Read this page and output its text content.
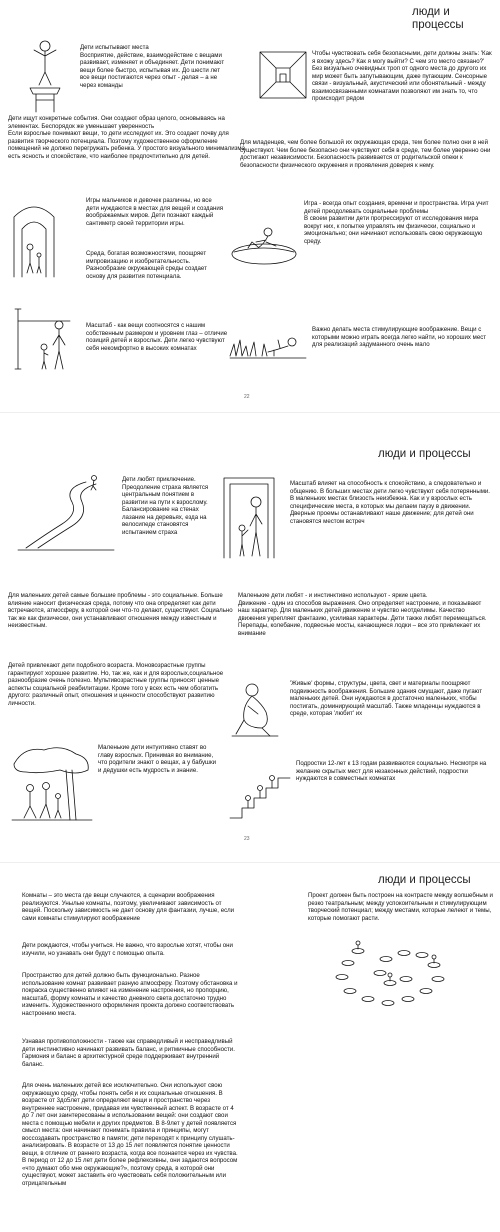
люди и процессы
Дети испытывают места
Восприятие, действие, взаимодействие с вещами развивает, изменяет и объединяет. Дети понимают вещи более быстро, испытывая их. До шести лет все вещи постигаются через опыт - делая – а не через команды
Дети ищут конкретные события. Они создают образ целого, основываясь на элементах. Беспорядок же уменьшает уверенность
Если взрослые понимают вещи, то дети исследуют их. Это создает почву для развития творческого потенциала. Поэтому художественное оформление помещений не должно перегружать ребенка. У простого визуального минимализма есть ясность и спокойствие, что наиболее предпочтительно для детей.
Чтобы чувствовать себя безопасными, дети должны знать: 'Как я вхожу здесь? Как я могу выйти? С чем это место связано?' Без визуально очевидных троп от одного места до другого их мир может быть запутывающим, даже пугающим. Сенсорные связи - визуальный, акустический или обонятельный - между взаимосвязанными комнатами позволяют им знать то, что происходит рядом
Для младенцев, чем более большой их окружающая среда, тем более полно они в ней существуют. Чем более безопасно они чувствуют себя в среде, тем более уверенно они достигают независимости. Безопасность развивается от родительской опеки к безопасности физического окружения и проявления доверия к нему.
Игры мальчиков и девочек различны, но все дети нуждаются в местах для вещей и создания воображаемых миров. Дети познают каждый сантиметр своей территории игры.
Среда, богатая возможностями, поощряет импровизацию и изобретательность. Разнообразие окружающей среды создает основу для развития потенциала.
Игра - всегда опыт создания, времени и пространства. Игра учит детей преодолевать социальные проблемы
В своем развитии дети прогрессируют от исследования мира вокруг них, к попытке управлять им физически, социально и эмоционально; они начинают использовать свою окружающую среду.
Масштаб - как вещи соотносятся с нашим собственным размером и уровнем глаз – отличие позиций детей и взрослых. Дети легко чувствуют себя некомфортно в высоких комнатах
Важно делать места стимулирующие воображение. Вещи с которыми можно играть всегда легко найти, но хороших мест для реализаций задуманного очень мало
22
люди и процессы
Дети любят приключение. Преодоление страха является центральным понятием в развитии на пути к взрослому. Балансирование на стенах лазание на деревьях, езда на велосипеде становятся испытанием страха
Масштаб влияет на способность к спокойствию, а следовательно и общению. В больших местах дети легко чувствуют себя потерянными. В маленьких местах близость неизбежна. Как и у взрослых есть специфические места, в которых мы делаем паузу в движении. Дверные проемы останавливают наше движение; для детей они становятся местом встреч
Для маленьких детей самые большие проблемы - это социальные. Больше влияние наносит физическая среда, потому что она определяет как дети встречаются, атмосферу, в которой они что-то делают, существуют. Социально так же как физически, они устанавливают отношения между известным и неизвестным.
Маленькие дети любят - и инстинктивно используют - яркие цвета.
Движение - один из способов выражения. Оно определяет настроение, и показывают наш характер. Для маленьких детей движение и чувство неотделимы. Качество движения укрепляет фантазию, усиливая характеры. Дети также любят перемещаться. Перепады, колебание, подвесные мосты, качающиеся лодки – все это привлекает их внимание
Детей привлекают дети подобного возраста. Моновозрастные группы гарантируют хорошее развитие. Но, так же, как и для взрослых,социальное разнообразие очень полезно. Мультивозрастные группы приносят ценные аспекты социальной реабилитации. Кроме того у всех есть чем обогатить другого: различный опыт, отношения и ценности способствуют развитию личности.
'Живые' формы, структуры, цвета, свет и материалы поощряют подвижность воображения. Большие здания смущают, даже пугают маленьких детей. Они нуждаются в достаточно маленьких, чтобы постигать, доминирующий масштаб. Также младенцы нуждаются в среде, которая 'любит' их
Маленькие дети интуитивно ставят во главу взрослых. Принимая во внимание, что родители знают о вещах, а у бабушки и дедушки есть мудрость и знание.
Подростки 12-лет к 13 годам развиваются социально. Несмотря на желание скрытых мест для незаконных действий, подростки нуждаются в совместных комнатах
23
люди и процессы
Комнаты – это места где вещи случаются, а сценарии воображения реализуются. Унылые комнаты, поэтому, увеличивают зависимость от вещей. Поскольку зависимость не дает основу для фантазии, лучше, если сами комнаты стимулируют воображение
Проект должен быть построен на контрасте между волшебным и резко театральным; между успокоительным и стимулирующим творческий потенциал; между местами, которые лелеют и темы, которые помогают расти.
Дети рождаются, чтобы учиться. Не важно, что взрослые хотят, чтобы они изучили, но узнавать они будут с помощью опыта.
Пространство для детей должно быть функционально. Разное использование комнат развивает разную атмосферу. Поэтому обстановка и покраска существенно влияют на изменение настроения, но пропорцию, масштаб, форму комнаты и качество дневного света достаточно трудно изменить. Художественного оформления проекта должно соответствовать настроению места.
Узнавая противоположности - также как справедливый и несправедливый дети инстинктивно начинают развивать баланс, и ритмичные способности. Гармония и баланс в архитектурной среде поддерживает внутренний баланс.
Для очень маленьких детей все исключительно. Они используют свою окружающую среду, чтобы понять себя и их социальные отношения. В возрасте от 3до5лет дети определяют вещи и пространство через внутреннее настроение, придавая им чувственный аспект. В возрасте от 4 до 7 лет они заинтересованы в использовании вещей: они создают свои места с помощью мебели и других предметов. В 8-9лет у детей появляется смысл места: они начинают понимать правила и принципы, могут воссоздавать пространство в памяти; дети переходят к принципу слушать-анализировать. В возрасте от 13 до 15 лет появляется понятие ценности вещи, в отличие от раннего возраста, когда все познается через их чувства. В период от 12 до 15 лет дети более рефлексивны, они задаются вопросом «что думают обо мне окружающие?», поэтому среда, в которой они существуют, может заставить его чувствовать себя положительным или отрицательным
